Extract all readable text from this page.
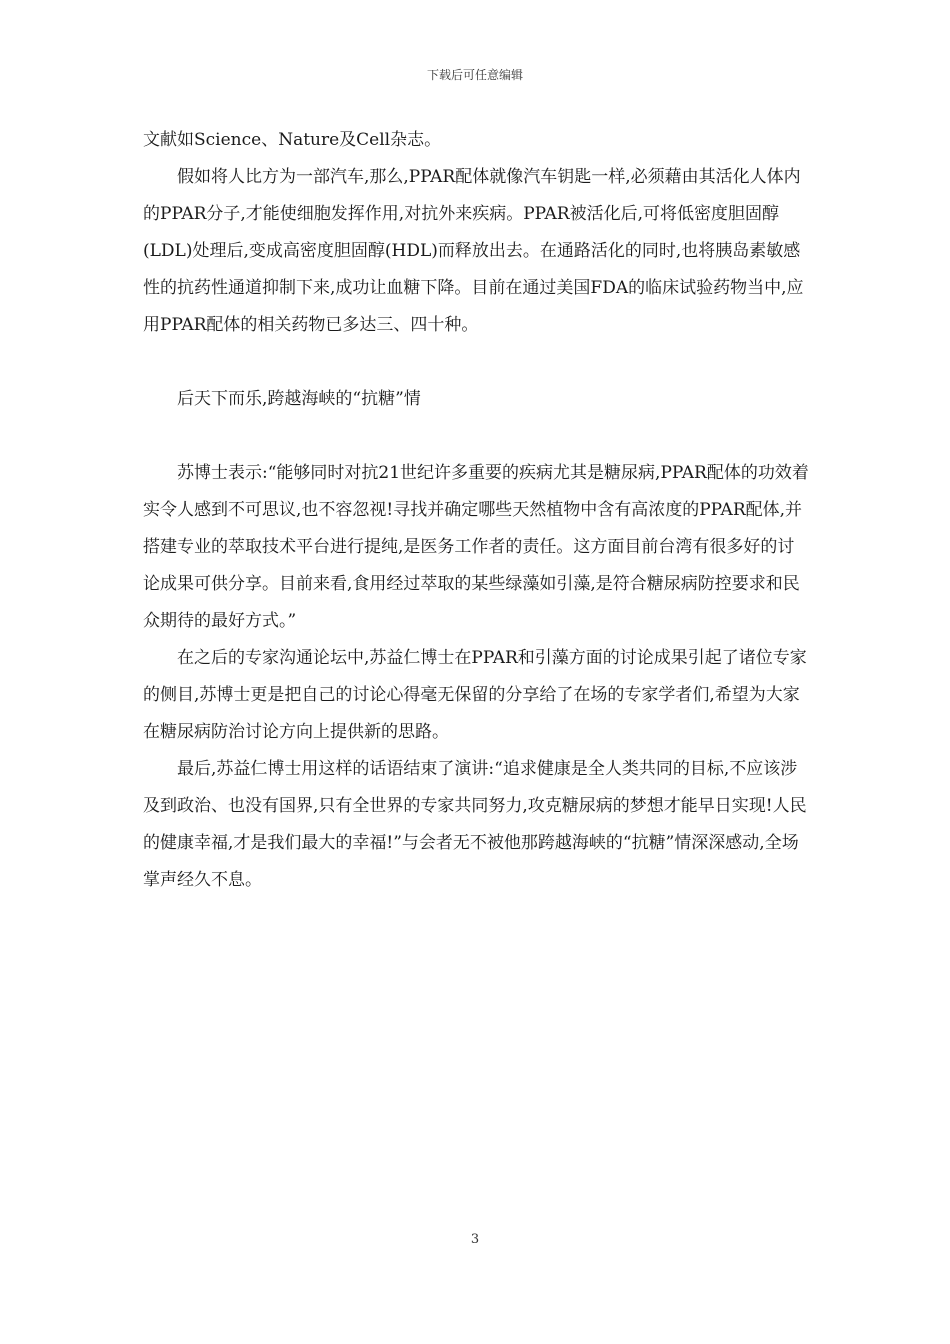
下载后可任意编辑

文献如Science、Nature及Cell杂志。

假如将人比方为一部汽车,那么,PPAR配体就像汽车钥匙一样,必须藉由其活化人体内的PPAR分子,才能使细胞发挥作用,对抗外来疾病。PPAR被活化后,可将低密度胆固醇(LDL)处理后,变成高密度胆固醇(HDL)而释放出去。在通路活化的同时,也将胰岛素敏感性的抗药性通道抑制下来,成功让血糖下降。目前在通过美国FDA的临床试验药物当中,应用PPAR配体的相关药物已多达三、四十种。

后天下而乐,跨越海峡的“抗糖”情

苏博士表示:“能够同时对抗21世纪许多重要的疾病尤其是糖尿病,PPAR配体的功效着实令人感到不可思议,也不容忽视!寻找并确定哪些天然植物中含有高浓度的PPAR配体,并搭建专业的萃取技术平台进行提纯,是医务工作者的责任。这方面目前台湾有很多好的讨论成果可供分享。目前来看,食用经过萃取的某些绿藻如引藻,是符合糖尿病防控要求和民众期待的最好方式。”

在之后的专家沟通论坛中,苏益仁博士在PPAR和引藻方面的讨论成果引起了诸位专家的侧目,苏博士更是把自己的讨论心得毫无保留的分享给了在场的专家学者们,希望为大家在糖尿病防治讨论方向上提供新的思路。

最后,苏益仁博士用这样的话语结束了演讲:“追求健康是全人类共同的目标,不应该涉及到政治、也没有国界,只有全世界的专家共同努力,攻克糖尿病的梦想才能早日实现!人民的健康幸福,才是我们最大的幸福!”与会者无不被他那跨越海峡的“抗糖”情深深感动,全场掌声经久不息。

3
